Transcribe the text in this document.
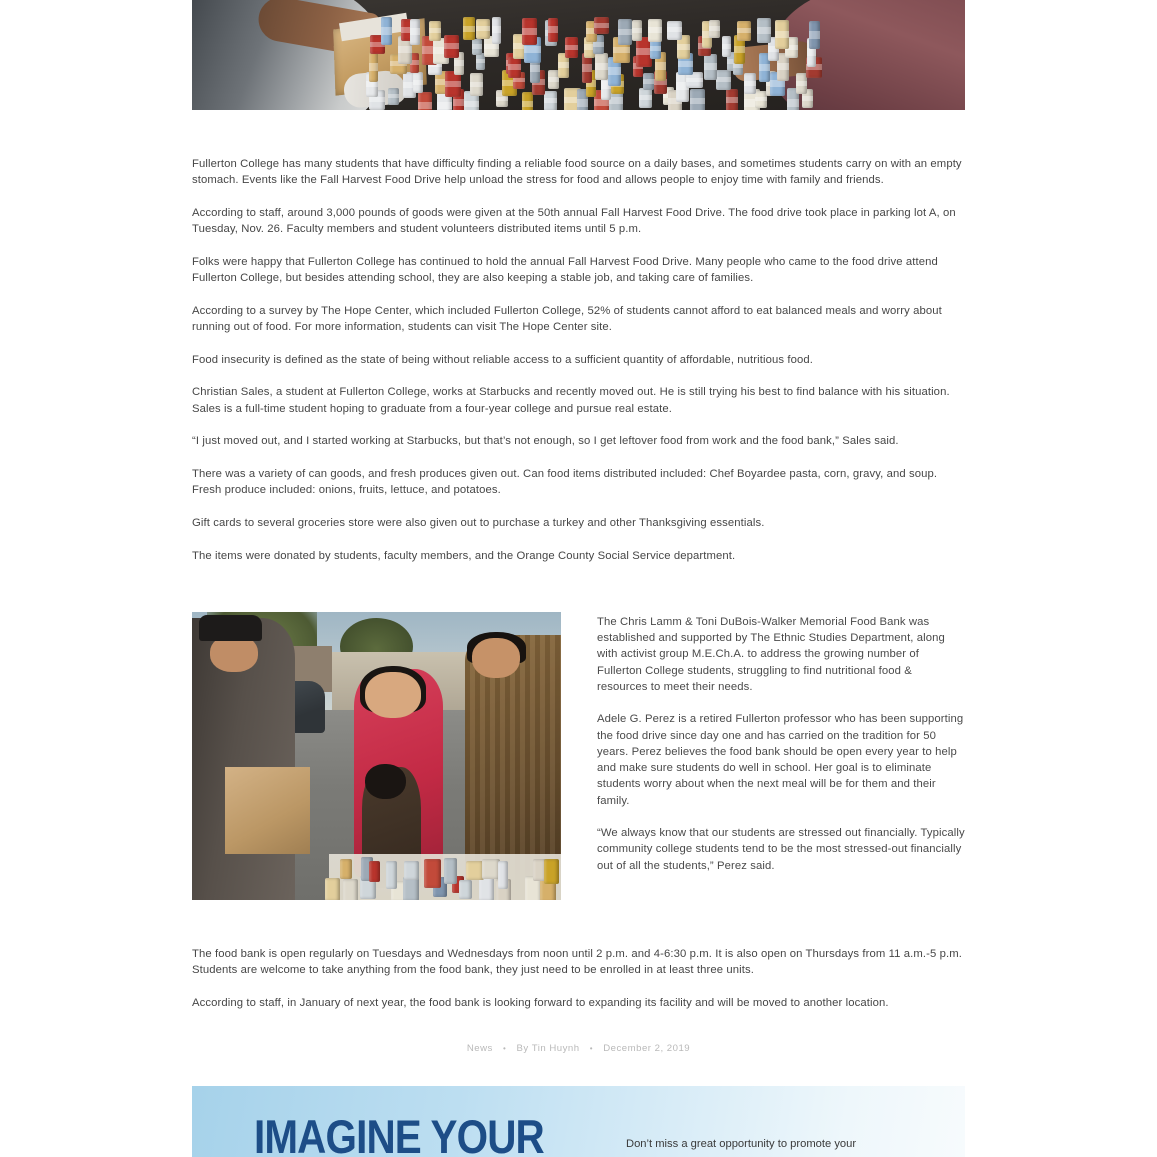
Fullerton College has many students that have difficulty finding a reliable food source on a daily bases, and sometimes students carry on with an empty stomach. Events like the Fall Harvest Food Drive help unload the stress for food and allows people to enjoy time with family and friends.

According to staff, around 3,000 pounds of goods were given at the 50th annual Fall Harvest Food Drive. The food drive took place in parking lot A, on Tuesday, Nov. 26. Faculty members and student volunteers distributed items until 5 p.m.

Folks were happy that Fullerton College has continued to hold the annual Fall Harvest Food Drive. Many people who came to the food drive attend Fullerton College, but besides attending school, they are also keeping a stable job, and taking care of families.

According to a survey by The Hope Center, which included Fullerton College, 52% of students cannot afford to eat balanced meals and worry about running out of food. For more information, students can visit The Hope Center site.

Food insecurity is defined as the state of being without reliable access to a sufficient quantity of affordable, nutritious food.

Christian Sales, a student at Fullerton College, works at Starbucks and recently moved out. He is still trying his best to find balance with his situation. Sales is a full-time student hoping to graduate from a four-year college and pursue real estate.

“I just moved out, and I started working at Starbucks, but that’s not enough, so I get leftover food from work and the food bank,” Sales said.

There was a variety of can goods, and fresh produces given out. Can food items distributed included: Chef Boyardee pasta, corn, gravy, and soup. Fresh produce included: onions, fruits, lettuce, and potatoes.

Gift cards to several groceries store were also given out to purchase a turkey and other Thanksgiving essentials.

The items were donated by students, faculty members, and the Orange County Social Service department.

The Chris Lamm & Toni DuBois-Walker Memorial Food Bank was established and supported by The Ethnic Studies Department, along with activist group M.E.Ch.A. to address the growing number of Fullerton College students, struggling to find nutritional food & resources to meet their needs.

Adele G. Perez is a retired Fullerton professor who has been supporting the food drive since day one and has carried on the tradition for 50 years. Perez believes the food bank should be open every year to help and make sure students do well in school. Her goal is to eliminate students worry about when the next meal will be for them and their family.

“We always know that our students are stressed out financially. Typically community college students tend to be the most stressed-out financially out of all the students,” Perez said.

The food bank is open regularly on Tuesdays and Wednesdays from noon until 2 p.m. and 4-6:30 p.m. It is also open on Thursdays from 11 a.m.-5 p.m. Students are welcome to take anything from the food bank, they just need to be enrolled in at least three units.

According to staff, in January of next year, the food bank is looking forward to expanding its facility and will be moved to another location.

News • By Tin Huynh • December 2, 2019
IMAGINE YOUR	Don’t miss a great opportunity to promote your
